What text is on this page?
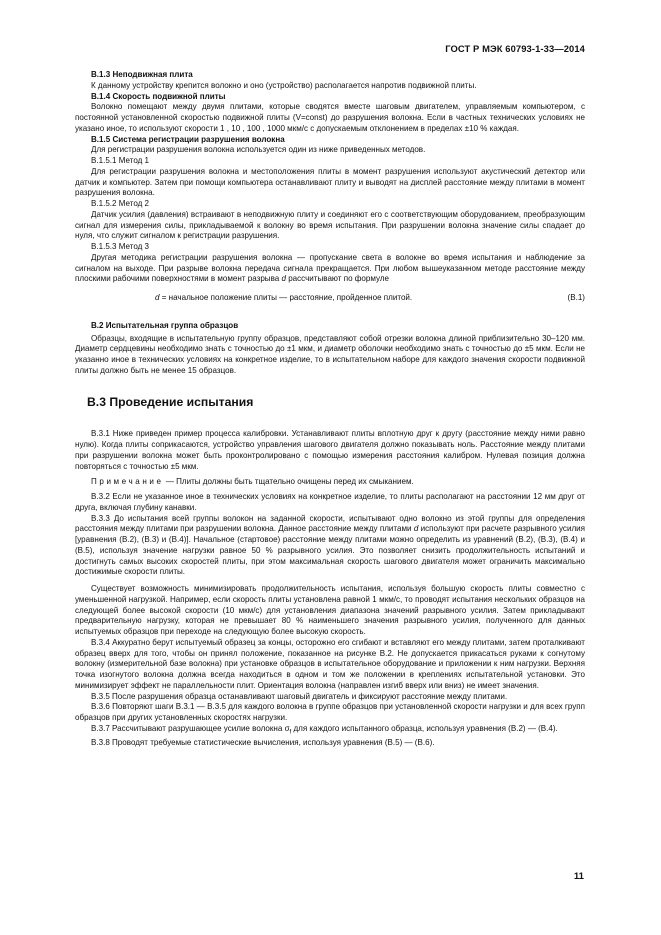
ГОСТ Р МЭК 60793-1-33—2014

В.1.3 Неподвижная плита

К данному устройству крепится волокно и оно (устройство) располагается напротив подвижной плиты.

В.1.4 Скорость подвижной плиты

Волокно помещают между двумя плитами, которые сводятся вместе шаговым двигателем, управляемым компьютером, с постоянной установленной скоростью подвижной плиты (V=const) до разрушения волокна. Если в частных технических условиях не указано иное, то используют скорости 1 , 10 , 100 , 1000 мкм/с с допускаемым отклонением в пределах ±10 % каждая.

В.1.5 Система регистрации разрушения волокна

Для регистрации разрушения волокна используется один из ниже приведенных методов.

В.1.5.1 Метод 1

Для регистрации разрушения волокна и местоположения плиты в момент разрушения используют акустический детектор или датчик и компьютер. Затем при помощи компьютера останавливают плиту и выводят на дисплей расстояние между плитами в момент разрушения волокна.

В.1.5.2 Метод 2

Датчик усилия (давления) встраивают в неподвижную плиту и соединяют его с соответствующим оборудованием, преобразующим сигнал для измерения силы, прикладываемой к волокну во время испытания. При разрушении волокна значение силы спадает до нуля, что служит сигналом к регистрации разрушения.

В.1.5.3 Метод 3

Другая методика регистрации разрушения волокна — пропускание света в волокне во время испытания и наблюдение за сигналом на выходе. При разрыве волокна передача сигнала прекращается. При любом вышеуказанном методе расстояние между плоскими рабочими поверхностями в момент разрыва d рассчитывают по формуле

d = начальное положение плиты — расстояние, пройденное плитой.	(В.1)

В.2 Испытательная группа образцов

Образцы, входящие в испытательную группу образцов, представляют собой отрезки волокна длиной приблизительно 30–120 мм. Диаметр сердцевины необходимо знать с точностью до ±1 мкм, и диаметр оболочки необходимо знать с точностью до ±5 мкм. Если не указанно иное в технических условиях на конкретное изделие, то в испытательном наборе для каждого значения скорости подвижной плиты должно быть не менее 15 образцов.

В.3 Проведение испытания

В.3.1 Ниже приведен пример процесса калибровки. Устанавливают плиты вплотную друг к другу (расстояние между ними равно нулю). Когда плиты соприкасаются, устройство управления шагового двигателя должно показывать ноль. Расстояние между плитами при разрушении волокна может быть проконтролировано с помощью измерения расстояния калибром. Нулевая позиция должна повторяться с точностью ±5 мкм.

Примечание — Плиты должны быть тщательно очищены перед их смыканием.

В.3.2 Если не указанное иное в технических условиях на конкретное изделие, то плиты располагают на расстоянии 12 мм друг от друга, включая глубину канавки.

В.3.3 До испытания всей группы волокон на заданной скорости, испытывают одно волокно из этой группы для определения расстояния между плитами при разрушении волокна. Данное расстояние между плитами d используют при расчете разрывного усилия [уравнения (В.2), (В.3) и (В.4)]. Начальное (стартовое) расстояние между плитами можно определить из уравнений (В.2), (В.3), (В.4) и (В.5), используя значение нагрузки равное 50 % разрывного усилия. Это позволяет снизить продолжительность испытаний и достигнуть самых высоких скоростей плиты, при этом максимальная скорость шагового двигателя может ограничить максимально достижимые скорости плиты.

Существует возможность минимизировать продолжительность испытания, используя большую скорость плиты совместно с уменьшенной нагрузкой. Например, если скорость плиты установлена равной 1 мкм/с, то проводят испытания нескольких образцов на следующей более высокой скорости (10 мкм/с) для установления диапазона значений разрывного усилия. Затем прикладывают предварительную нагрузку, которая не превышает 80 % наименьшего значения разрывного усилия, полученного для данных испытуемых образцов при переходе на следующую более высокую скорость.

В.3.4 Аккуратно берут испытуемый образец за концы, осторожно его сгибают и вставляют его между плитами, затем проталкивают образец вверх для того, чтобы он принял положение, показанное на рисунке В.2. Не допускается прикасаться руками к согнутому волокну (измерительной базе волокна) при установке образцов в испытательное оборудование и приложении к ним нагрузки. Верхняя точка изогнутого волокна должна всегда находиться в одном и том же положении в креплениях испытательной установки. Это минимизирует эффект не параллельности плит. Ориентация волокна (направлен изгиб вверх или вниз) не имеет значения.

В.3.5 После разрушения образца останавливают шаговый двигатель и фиксируют расстояние между плитами.

В.3.6 Повторяют шаги В.3.1 — В.3.5 для каждого волокна в группе образцов при установленной скорости нагрузки и для всех групп образцов при других установленных скоростях нагрузки.

В.3.7 Рассчитывают разрушающее усилие волокна $\sigma_f$ для каждого испытанного образца, используя уравнения (В.2) — (В.4).

В.3.8 Проводят требуемые статистические вычисления, используя уравнения (В.5) — (В.6).

11
